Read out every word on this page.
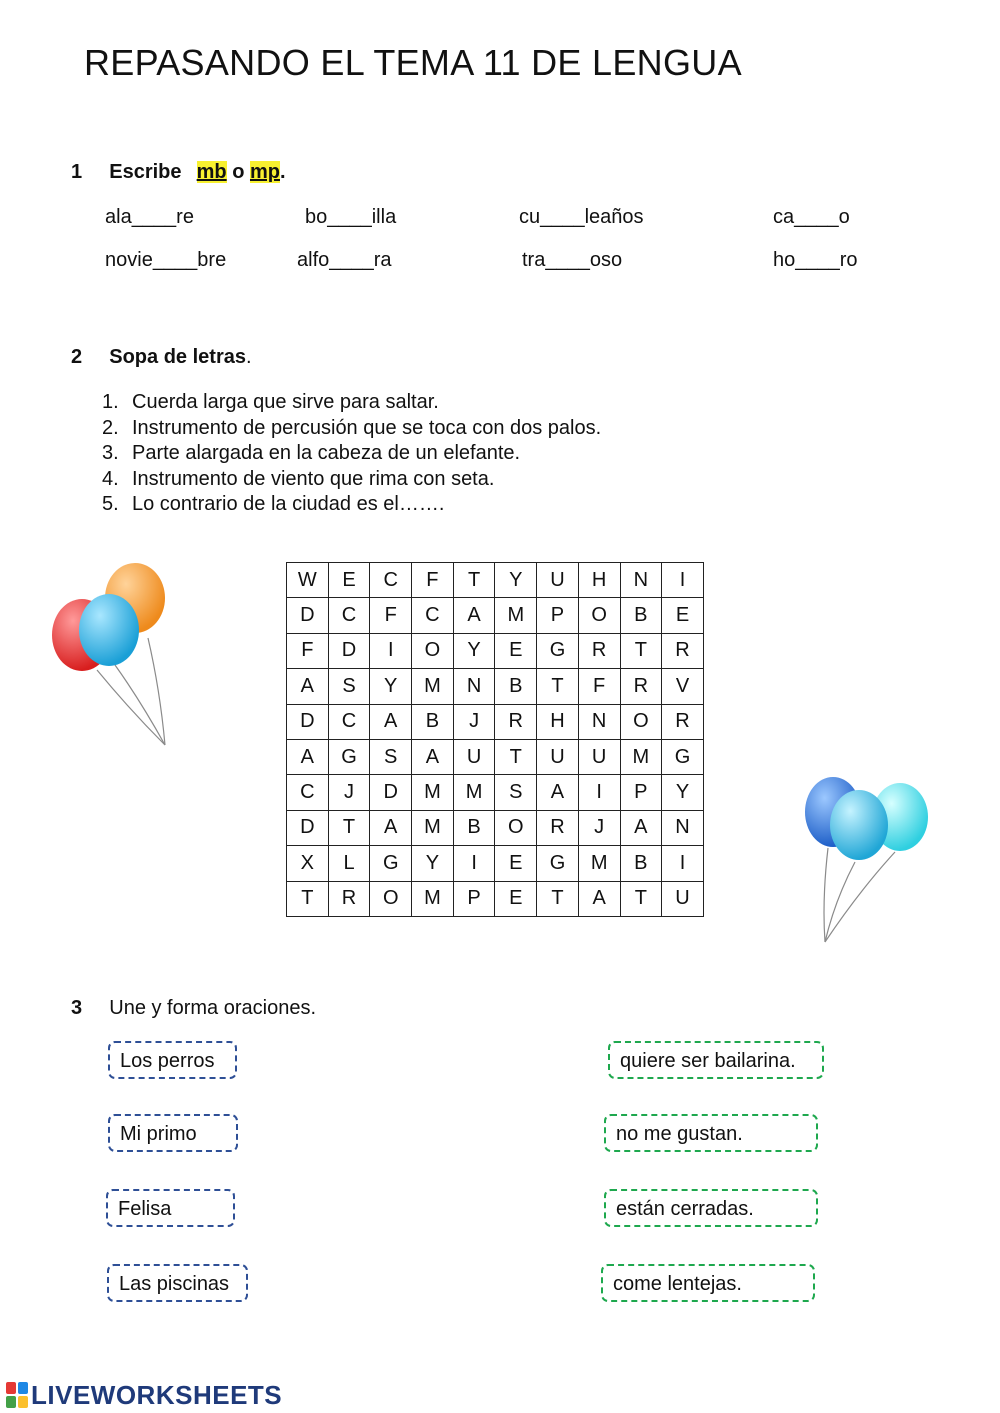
REPASANDO EL TEMA 11 DE LENGUA
1 Escribe mb o mp.
ala____re	bo____illa	cu____leaños	ca____o
novie____bre	alfo____ra	tra____oso	ho____ro
2 Sopa de letras.
1. Cuerda larga que sirve para saltar.
2. Instrumento de percusión que se toca con dos palos.
3. Parte alargada en la cabeza de un elefante.
4. Instrumento de viento que rima con seta.
5. Lo contrario de la ciudad es el…….
W	E	C	F	T	Y	U	H	N	I
D	C	F	C	A	M	P	O	B	E
F	D	I	O	Y	E	G	R	T	R
A	S	Y	M	N	B	T	F	R	V
D	C	A	B	J	R	H	N	O	R
A	G	S	A	U	T	U	U	M	G
C	J	D	M	M	S	A	I	P	Y
D	T	A	M	B	O	R	J	A	N
X	L	G	Y	I	E	G	M	B	I
T	R	O	M	P	E	T	A	T	U
3 Une y forma oraciones.
Los perros
Mi primo
Felisa
Las piscinas
quiere ser bailarina.
no me gustan.
están cerradas.
come lentejas.
LIVEWORKSHEETS
